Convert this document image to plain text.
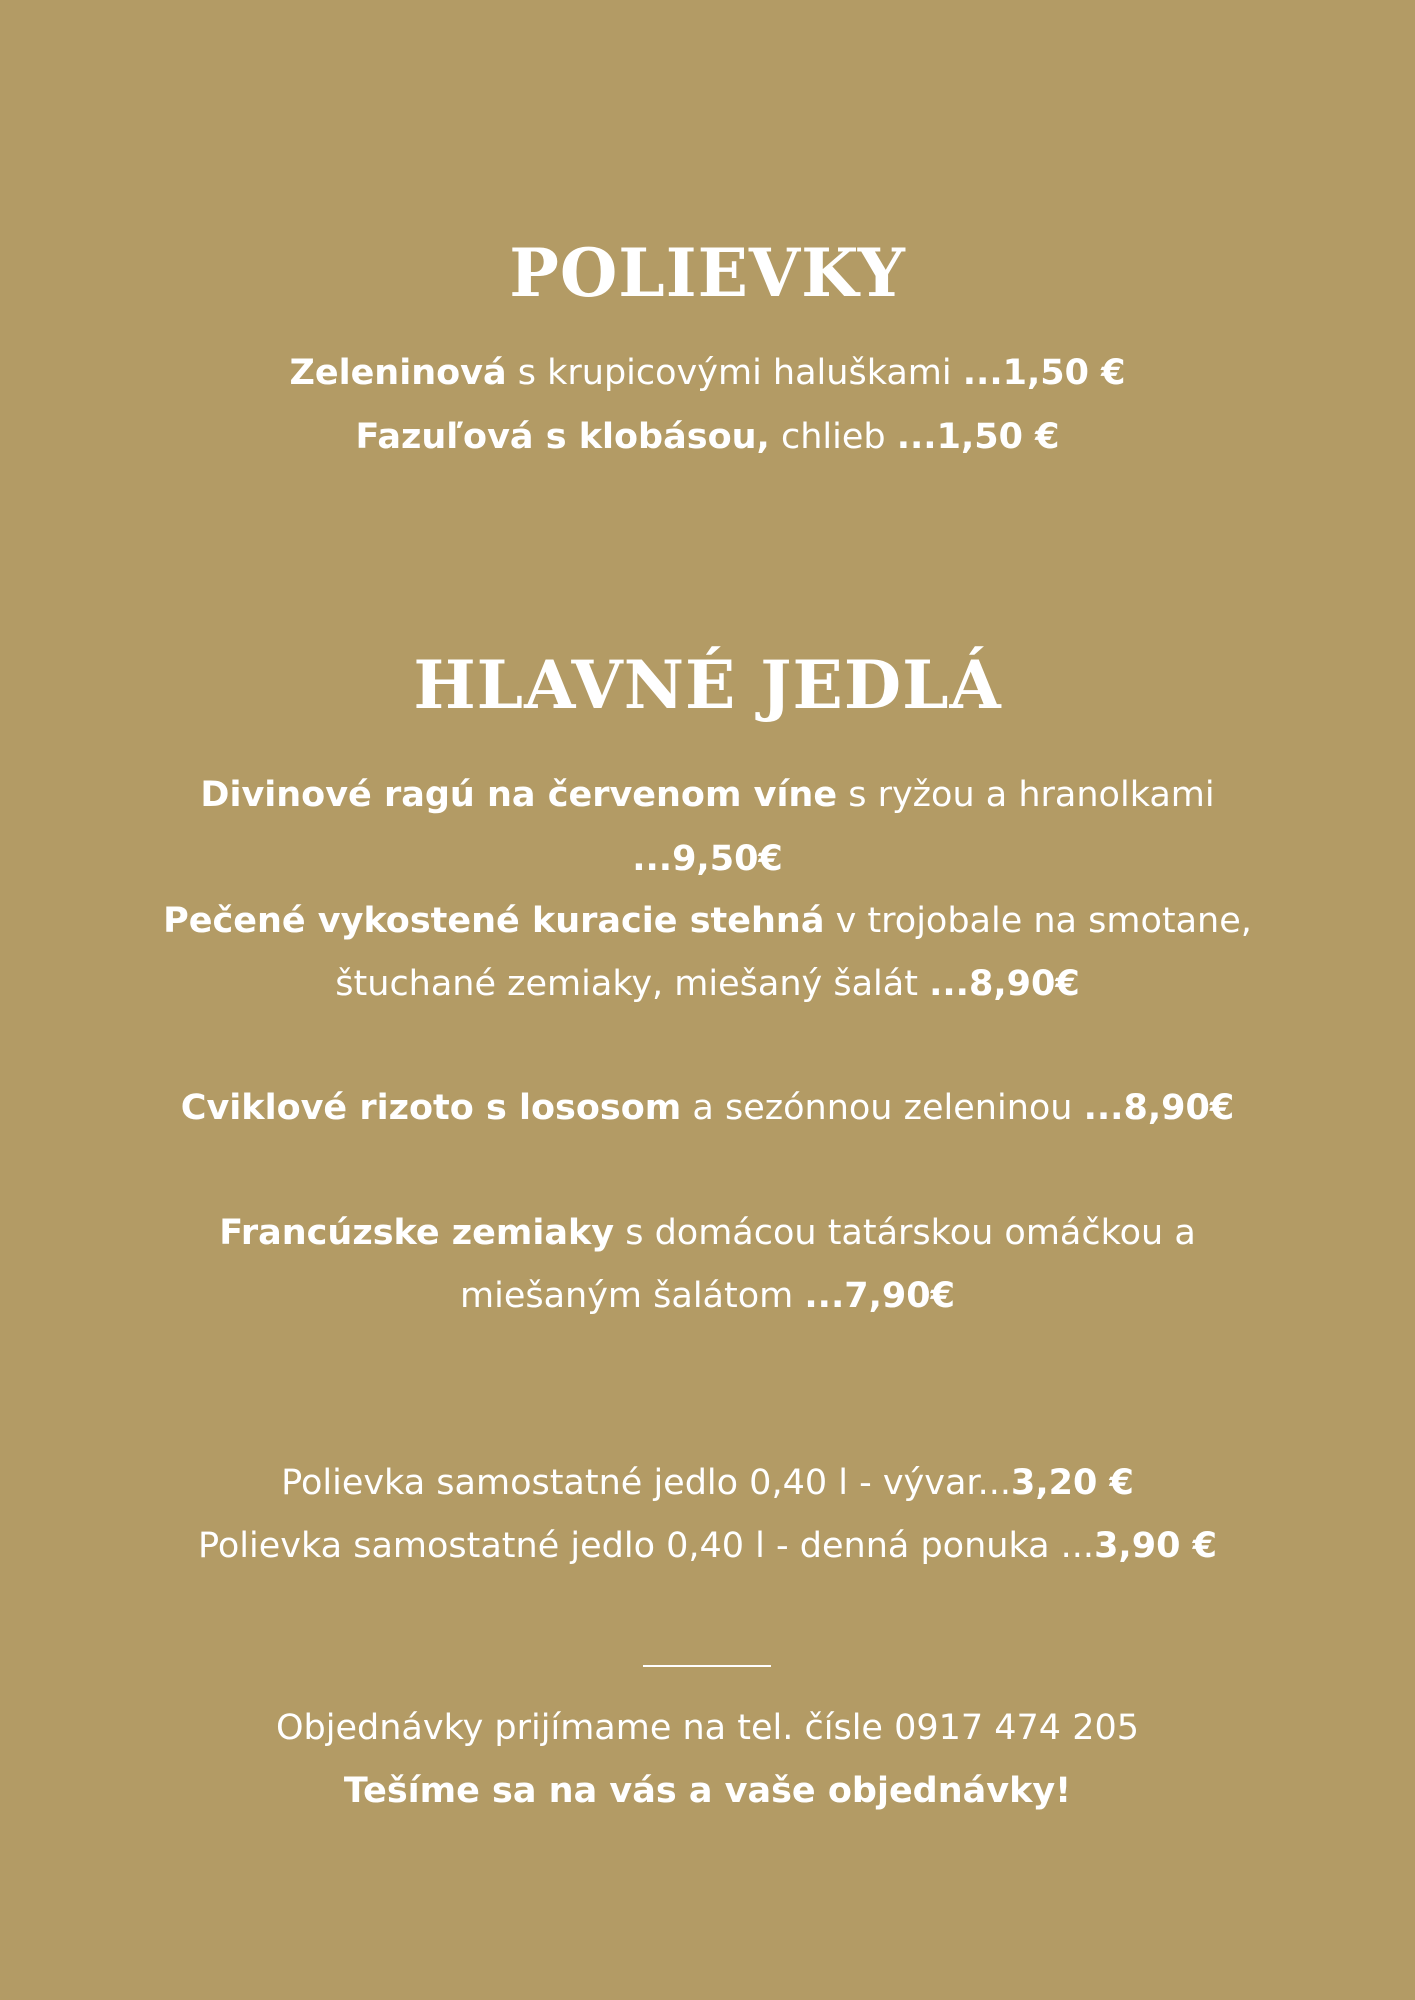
POLIEVKY
Zeleninová s krupicovými haluškami ...1,50 €
Fazuľová s klobásou, chlieb ...1,50 €
HLAVNÉ JEDLÁ
Divinové ragú na červenom víne s ryžou a hranolkami
...9,50€
Pečené vykostené kuracie stehná v trojobale na smotane,
štuchané zemiaky, miešaný šalát ...8,90€
Cviklové rizoto s lososom a sezónnou zeleninou ...8,90€
Francúzske zemiaky s domácou tatárskou omáčkou a
miešaným šalátom ...7,90€
Polievka samostatné jedlo 0,40 l - vývar...3,20 €
Polievka samostatné jedlo 0,40 l - denná ponuka ...3,90 €
Objednávky prijímame na tel. čísle 0917 474 205
Tešíme sa na vás a vaše objednávky!
